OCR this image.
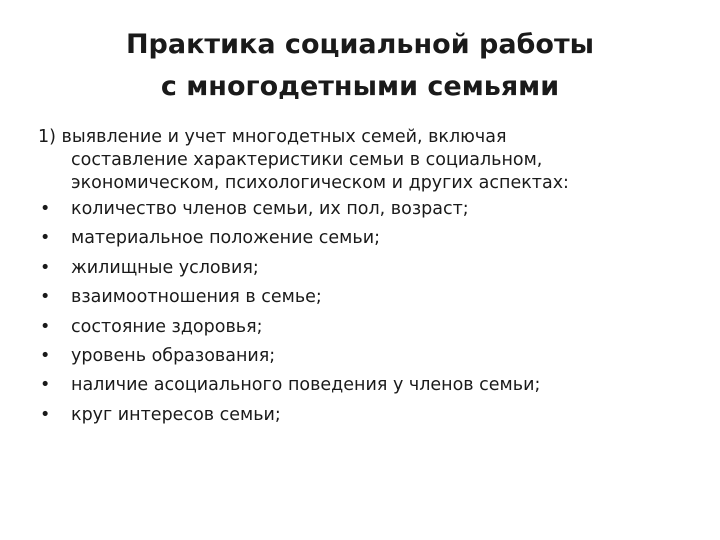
Практика социальной работы
с многодетными семьями
1) выявление и учет многодетных семей, включая
составление характеристики семьи в социальном,
экономическом, психологическом и других аспектах:
• количество членов семьи, их пол, возраст;
• материальное положение семьи;
• жилищные условия;
• взаимоотношения в семье;
• состояние здоровья;
• уровень образования;
• наличие асоциального поведения у членов семьи;
• круг интересов семьи;
